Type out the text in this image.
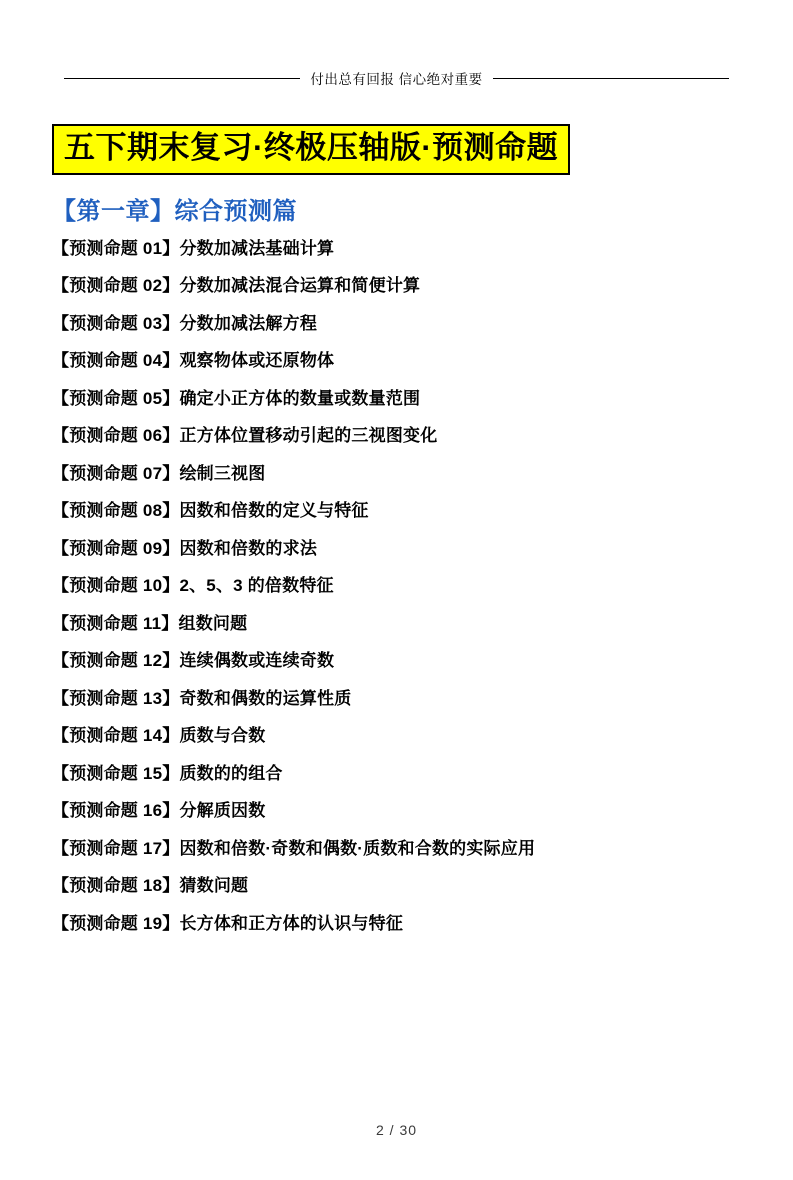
付出总有回报 信心绝对重要
五下期末复习·终极压轴版·预测命题
【第一章】综合预测篇
【预测命题 01】分数加减法基础计算
【预测命题 02】分数加减法混合运算和简便计算
【预测命题 03】分数加减法解方程
【预测命题 04】观察物体或还原物体
【预测命题 05】确定小正方体的数量或数量范围
【预测命题 06】正方体位置移动引起的三视图变化
【预测命题 07】绘制三视图
【预测命题 08】因数和倍数的定义与特征
【预测命题 09】因数和倍数的求法
【预测命题 10】2、5、3 的倍数特征
【预测命题 11】组数问题
【预测命题 12】连续偶数或连续奇数
【预测命题 13】奇数和偶数的运算性质
【预测命题 14】质数与合数
【预测命题 15】质数的的组合
【预测命题 16】分解质因数
【预测命题 17】因数和倍数·奇数和偶数·质数和合数的实际应用
【预测命题 18】猜数问题
【预测命题 19】长方体和正方体的认识与特征
2 / 30
